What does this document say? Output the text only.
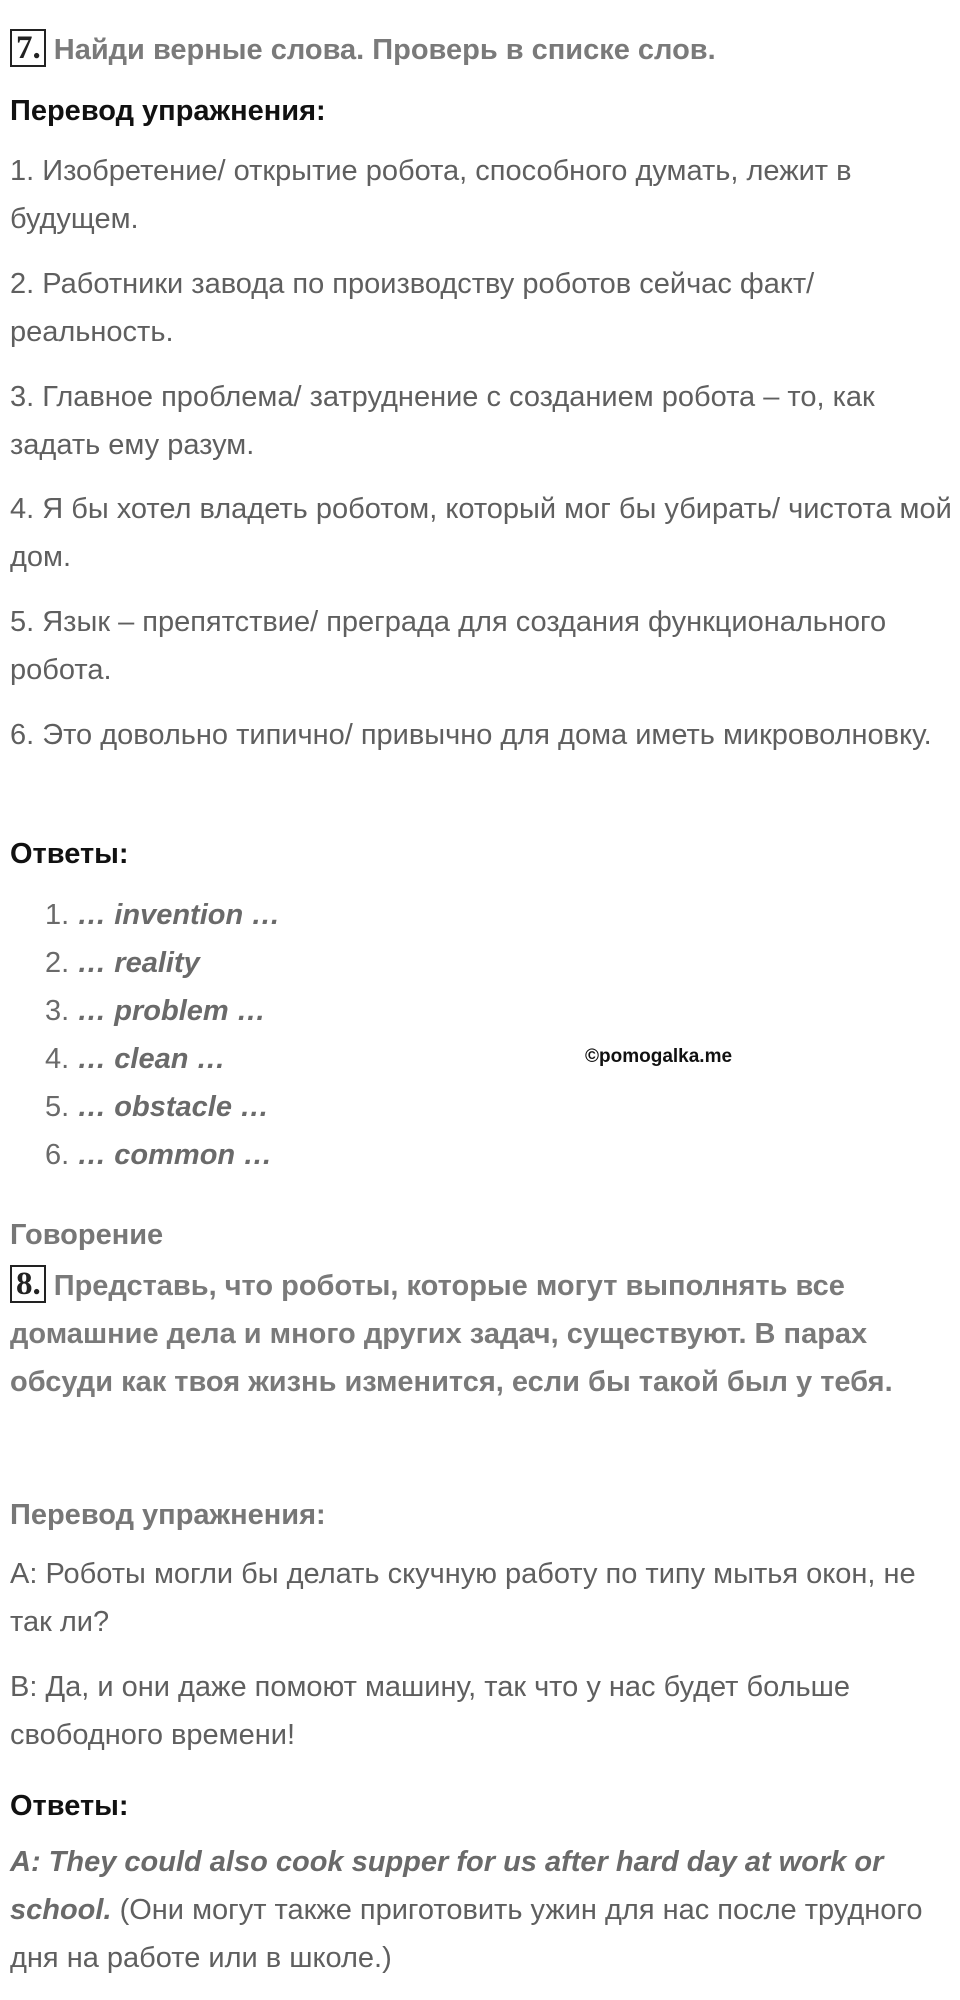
7. Найди верные слова. Проверь в списке слов.
Перевод упражнения:
1. Изобретение/ открытие робота, способного думать, лежит в будущем.
2. Работники завода по производству роботов сейчас факт/ реальность.
3. Главное проблема/ затруднение с созданием робота – то, как задать ему разум.
4. Я бы хотел владеть роботом, который мог бы убирать/ чистота мой дом.
5. Язык – препятствие/ преграда для создания функционального робота.
6. Это довольно типично/ привычно для дома иметь микроволновку.
Ответы:
1. … invention …
2. … reality
3. … problem …
4. … clean …
5. … obstacle …
6. … common …
Говорение
8. Представь, что роботы, которые могут выполнять все домашние дела и много других задач, существуют. В парах обсуди как твоя жизнь изменится, если бы такой был у тебя.
Перевод упражнения:
А: Роботы могли бы делать скучную работу по типу мытья окон, не так ли?
В: Да, и они даже помоют машину, так что у нас будет больше свободного времени!
Ответы:
A: They could also cook supper for us after hard day at work or school. (Они могут также приготовить ужин для нас после трудного дня на работе или в школе.)
©pomogalka.me
